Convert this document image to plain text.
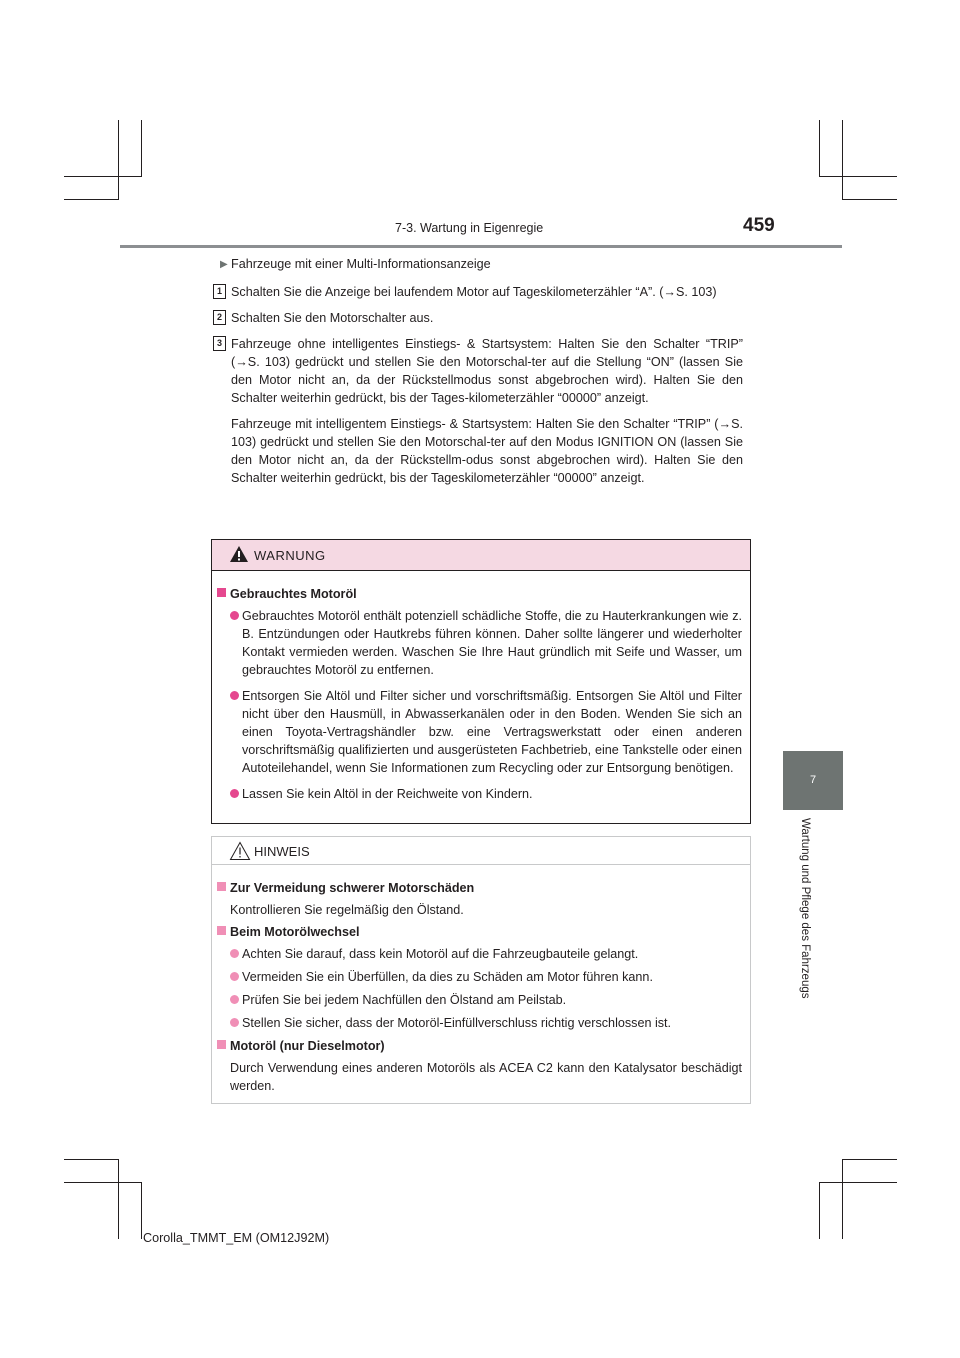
7-3. Wartung in Eigenregie	459
7
Wartung und Pflege des Fahrzeugs
▶ Fahrzeuge mit einer Multi-Informationsanzeige
1 Schalten Sie die Anzeige bei laufendem Motor auf Tageskilometerzähler “A”. (→S. 103)
2 Schalten Sie den Motorschalter aus.
3 Fahrzeuge ohne intelligentes Einstiegs- & Startsystem: Halten Sie den Schalter “TRIP” (→S. 103) gedrückt und stellen Sie den Motorschal-ter auf die Stellung “ON” (lassen Sie den Motor nicht an, da der Rückstellmodus sonst abgebrochen wird). Halten Sie den Schalter weiterhin gedrückt, bis der Tages-kilometerzähler “00000” anzeigt.
Fahrzeuge mit intelligentem Einstiegs- & Startsystem: Halten Sie den Schalter “TRIP” (→S. 103) gedrückt und stellen Sie den Motorschal-ter auf den Modus IGNITION ON (lassen Sie den Motor nicht an, da der Rückstellm-odus sonst abgebrochen wird). Halten Sie den Schalter weiterhin gedrückt, bis der Tageskilometerzähler “00000” anzeigt.
WARNUNG
Gebrauchtes Motoröl
Gebrauchtes Motoröl enthält potenziell schädliche Stoffe, die zu Hauterkrankungen wie z. B. Entzündungen oder Hautkrebs führen können. Daher sollte längerer und wiederholter Kontakt vermieden werden. Waschen Sie Ihre Haut gründlich mit Seife und Wasser, um gebrauchtes Motoröl zu entfernen.
Entsorgen Sie Altöl und Filter sicher und vorschriftsmäßig. Entsorgen Sie Altöl und Filter nicht über den Hausmüll, in Abwasserkanälen oder in den Boden. Wenden Sie sich an einen Toyota-Vertragshändler bzw. eine Vertragswerkstatt oder einen anderen vorschriftsmäßig qualifizierten und ausgerüsteten Fachbetrieb, eine Tankstelle oder einen Autoteilehandel, wenn Sie Informationen zum Recycling oder zur Entsorgung benötigen.
Lassen Sie kein Altöl in der Reichweite von Kindern.
HINWEIS
Zur Vermeidung schwerer Motorschäden
Kontrollieren Sie regelmäßig den Ölstand.
Beim Motorölwechsel
Achten Sie darauf, dass kein Motoröl auf die Fahrzeugbauteile gelangt.
Vermeiden Sie ein Überfüllen, da dies zu Schäden am Motor führen kann.
Prüfen Sie bei jedem Nachfüllen den Ölstand am Peilstab.
Stellen Sie sicher, dass der Motoröl-Einfüllverschluss richtig verschlossen ist.
Motoröl (nur Dieselmotor)
Durch Verwendung eines anderen Motoröls als ACEA C2 kann den Katalysator beschädigt werden.
Corolla_TMMT_EM (OM12J92M)
